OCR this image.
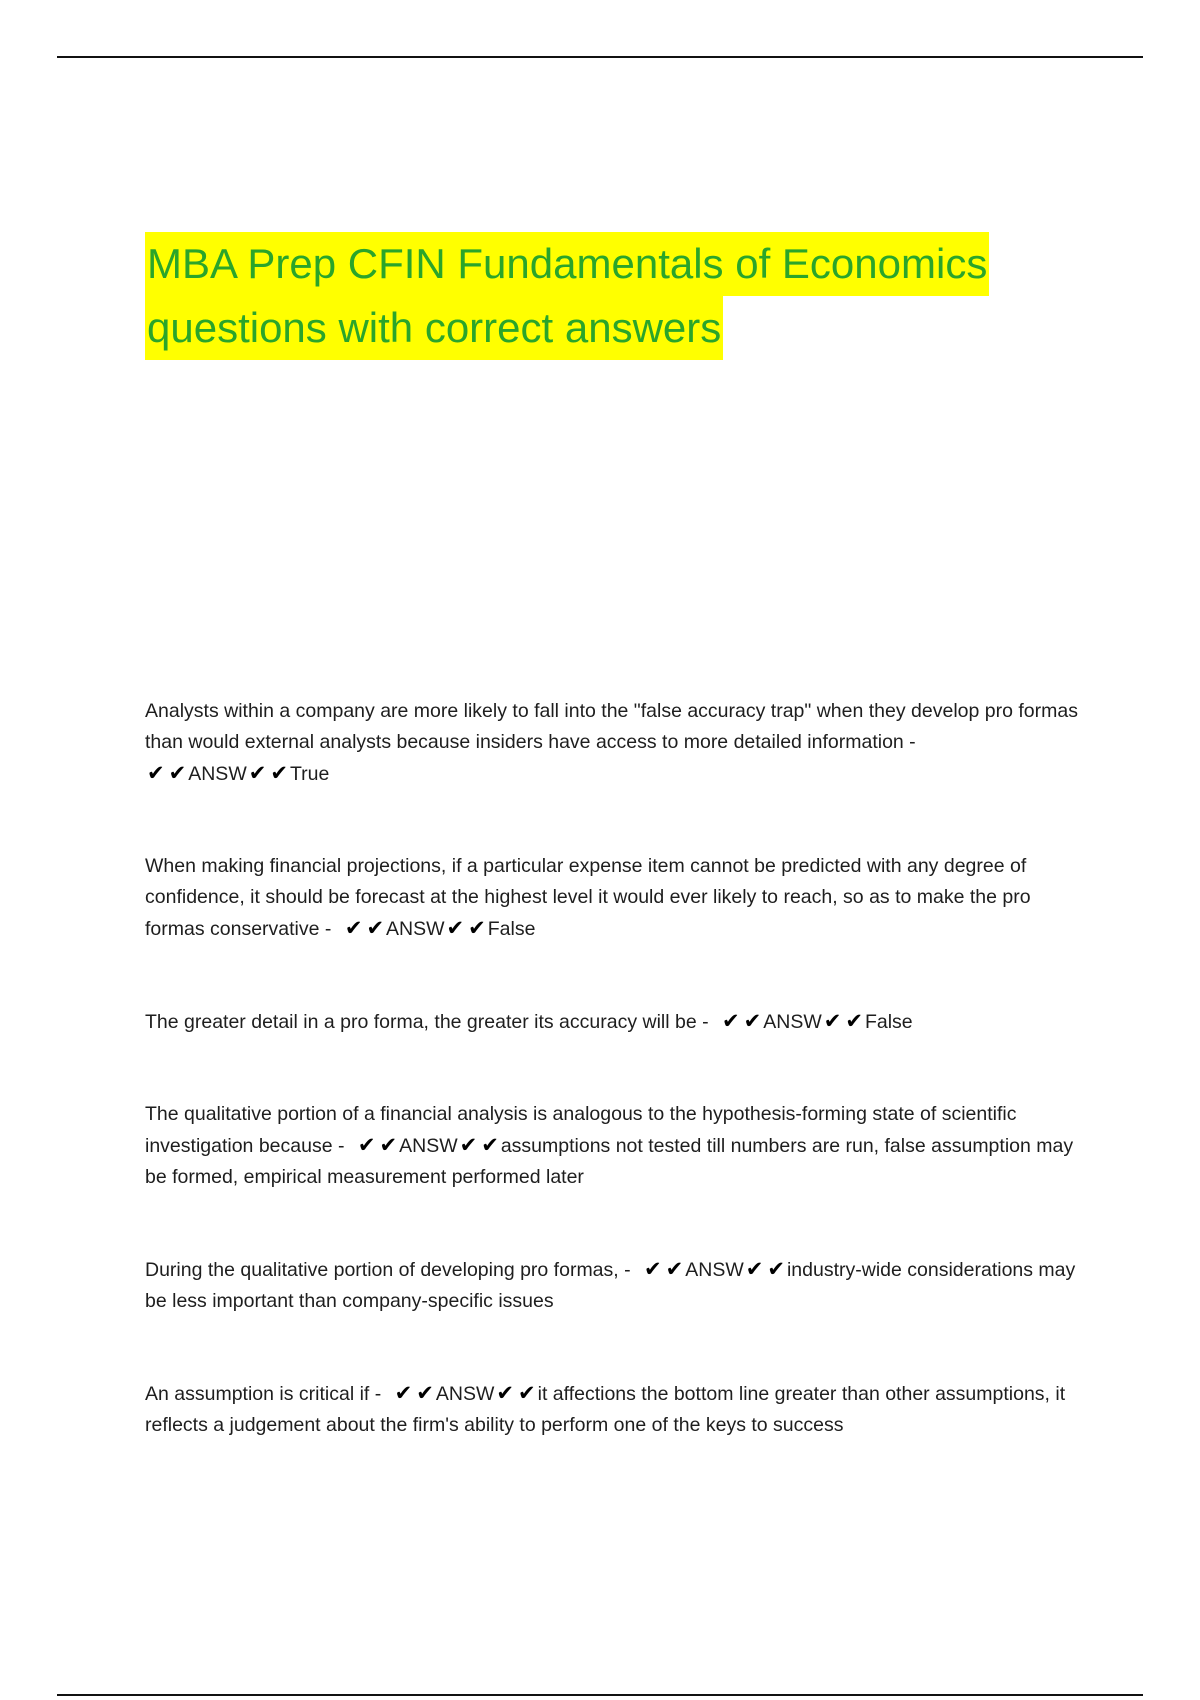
MBA Prep CFIN Fundamentals of Economics
questions with correct answers
Analysts within a company are more likely to fall into the "false accuracy trap" when they develop pro formas than would external analysts because insiders have access to more detailed information - ✔ ✔ ANSW✔ ✔ True
When making financial projections, if a particular expense item cannot be predicted with any degree of confidence, it should be forecast at the highest level it would ever likely to reach, so as to make the pro formas conservative - ✔ ✔ ANSW✔ ✔ False
The greater detail in a pro forma, the greater its accuracy will be - ✔ ✔ ANSW✔ ✔ False
The qualitative portion of a financial analysis is analogous to the hypothesis-forming state of scientific investigation because - ✔ ✔ ANSW✔ ✔ assumptions not tested till numbers are run, false assumption may be formed, empirical measurement performed later
During the qualitative portion of developing pro formas, - ✔ ✔ ANSW✔ ✔ industry-wide considerations may be less important than company-specific issues
An assumption is critical if - ✔ ✔ ANSW✔ ✔ it affections the bottom line greater than other assumptions, it reflects a judgement about the firm's ability to perform one of the keys to success
